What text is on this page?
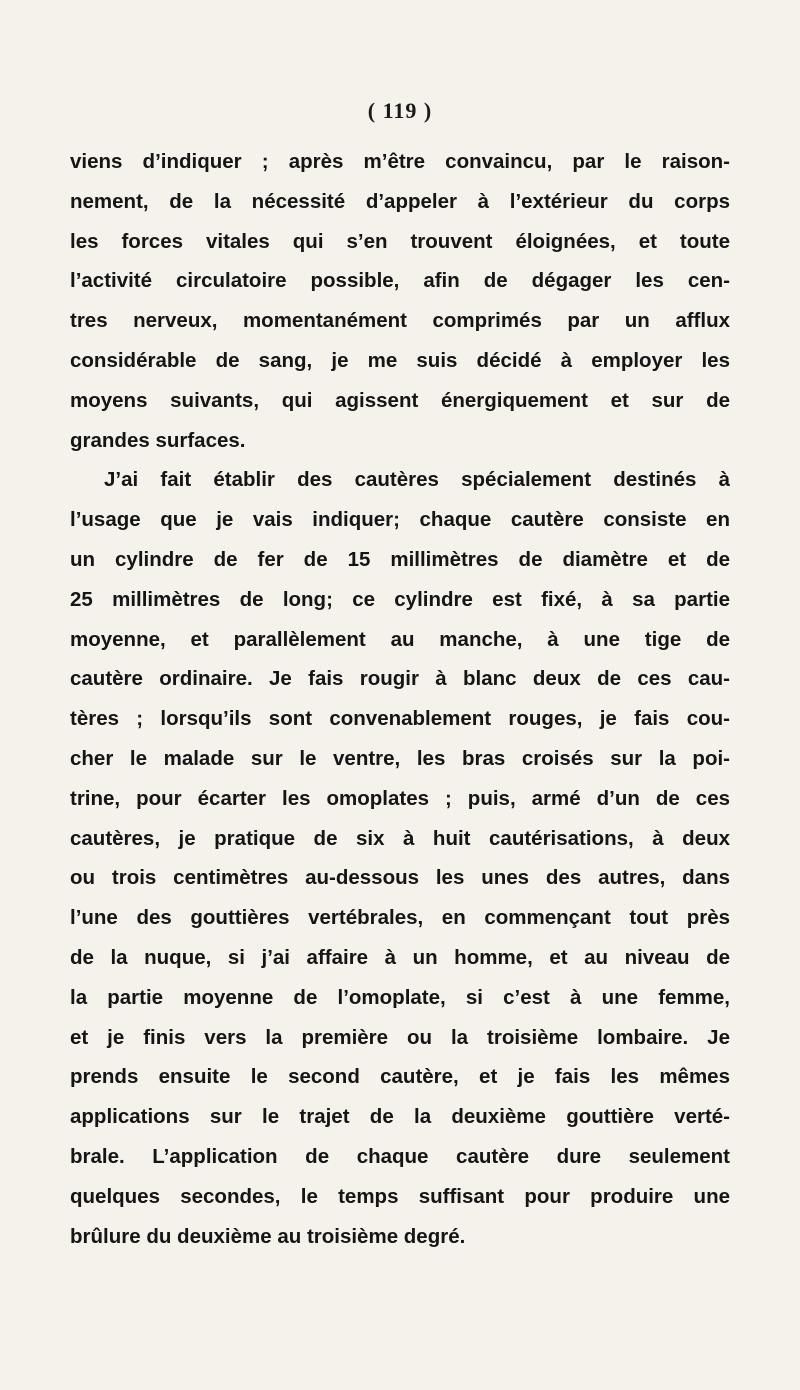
( 119 )
viens d’indiquer ; après m’être convaincu, par le raison-
nement, de la nécessité d’appeler à l’extérieur du corps
les forces vitales qui s’en trouvent éloignées, et toute
l’activité circulatoire possible, afin de dégager les cen-
tres nerveux, momentanément comprimés par un afflux
considérable de sang, je me suis décidé à employer les
moyens suivants, qui agissent énergiquement et sur de
grandes surfaces.
J’ai fait établir des cautères spécialement destinés à
l’usage que je vais indiquer; chaque cautère consiste en
un cylindre de fer de 15 millimètres de diamètre et de
25 millimètres de long; ce cylindre est fixé, à sa partie
moyenne, et parallèlement au manche, à une tige de
cautère ordinaire. Je fais rougir à blanc deux de ces cau-
tères ; lorsqu’ils sont convenablement rouges, je fais cou-
cher le malade sur le ventre, les bras croisés sur la poi-
trine, pour écarter les omoplates ; puis, armé d’un de ces
cautères, je pratique de six à huit cautérisations, à deux
ou trois centimètres au-dessous les unes des autres, dans
l’une des gouttières vertébrales, en commençant tout près
de la nuque, si j’ai affaire à un homme, et au niveau de
la partie moyenne de l’omoplate, si c’est à une femme,
et je finis vers la première ou la troisième lombaire. Je
prends ensuite le second cautère, et je fais les mêmes
applications sur le trajet de la deuxième gouttière verté-
brale. L’application de chaque cautère dure seulement
quelques secondes, le temps suffisant pour produire une
brûlure du deuxième au troisième degré.
